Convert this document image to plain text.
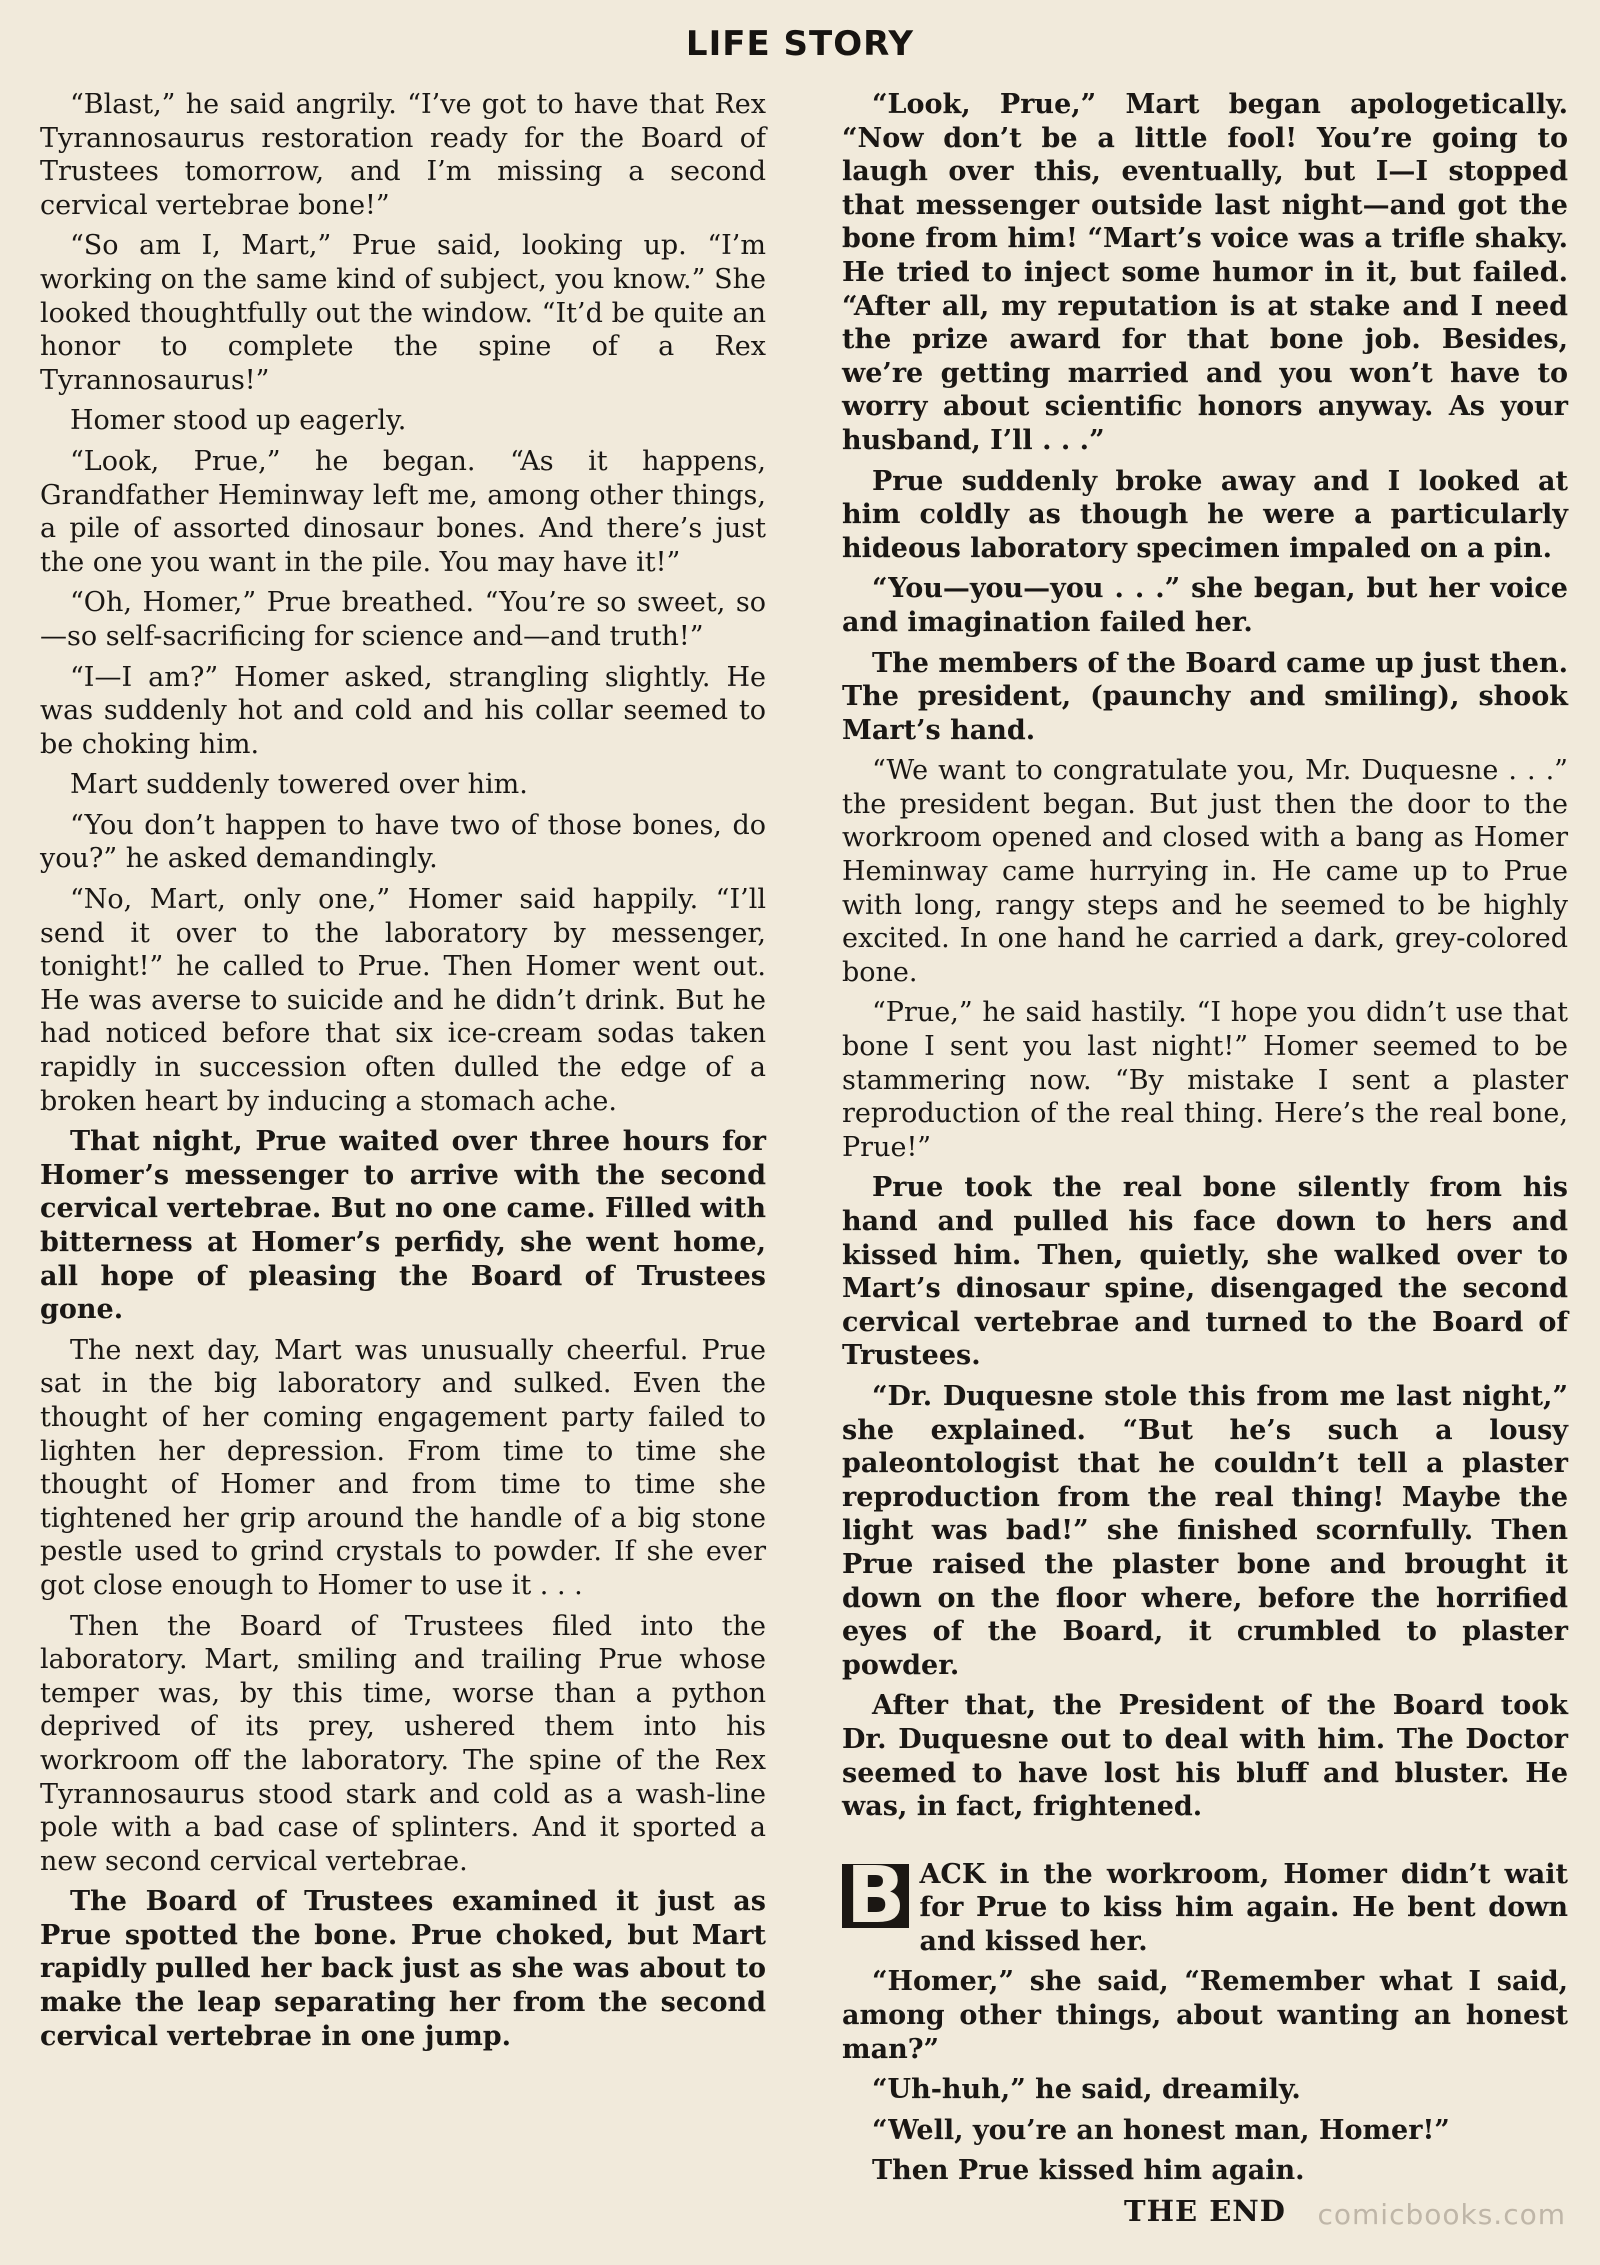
LIFE STORY

“Blast,” he said angrily. “I’ve got to have that Rex Tyrannosaurus restoration ready for the Board of Trustees tomorrow, and I’m missing a second cervical vertebrae bone!”

“So am I, Mart,” Prue said, looking up. “I’m working on the same kind of subject, you know.” She looked thoughtfully out the window. “It’d be quite an honor to complete the spine of a Rex Tyrannosaurus!”

Homer stood up eagerly.

“Look, Prue,” he began. “As it happens, Grandfather Heminway left me, among other things, a pile of assorted dinosaur bones. And there’s just the one you want in the pile. You may have it!”

“Oh, Homer,” Prue breathed. “You’re so sweet, so—so self-sacrificing for science and—and truth!”

“I—I am?” Homer asked, strangling slightly. He was suddenly hot and cold and his collar seemed to be choking him.

Mart suddenly towered over him.

“You don’t happen to have two of those bones, do you?” he asked demandingly.

“No, Mart, only one,” Homer said happily. “I’ll send it over to the laboratory by messenger, tonight!” he called to Prue. Then Homer went out. He was averse to suicide and he didn’t drink. But he had noticed before that six ice-cream sodas taken rapidly in succession often dulled the edge of a broken heart by inducing a stomach ache.

That night, Prue waited over three hours for Homer’s messenger to arrive with the second cervical vertebrae. But no one came. Filled with bitterness at Homer’s perfidy, she went home, all hope of pleasing the Board of Trustees gone.

The next day, Mart was unusually cheerful. Prue sat in the big laboratory and sulked. Even the thought of her coming engagement party failed to lighten her depression. From time to time she thought of Homer and from time to time she tightened her grip around the handle of a big stone pestle used to grind crystals to powder. If she ever got close enough to Homer to use it . . .

Then the Board of Trustees filed into the laboratory. Mart, smiling and trailing Prue whose temper was, by this time, worse than a python deprived of its prey, ushered them into his workroom off the laboratory. The spine of the Rex Tyrannosaurus stood stark and cold as a wash-line pole with a bad case of splinters. And it sported a new second cervical vertebrae.

The Board of Trustees examined it just as Prue spotted the bone. Prue choked, but Mart rapidly pulled her back just as she was about to make the leap separating her from the second cervical vertebrae in one jump.

“Look, Prue,” Mart began apologetically. “Now don’t be a little fool! You’re going to laugh over this, eventually, but I—I stopped that messenger outside last night—and got the bone from him! “Mart’s voice was a trifle shaky. He tried to inject some humor in it, but failed. “After all, my reputation is at stake and I need the prize award for that bone job. Besides, we’re getting married and you won’t have to worry about scientific honors anyway. As your husband, I’ll . . .”

Prue suddenly broke away and I looked at him coldly as though he were a particularly hideous laboratory specimen impaled on a pin.

“You—you—you . . .” she began, but her voice and imagination failed her.

The members of the Board came up just then. The president, (paunchy and smiling), shook Mart’s hand.

“We want to congratulate you, Mr. Duquesne . . .” the president began. But just then the door to the workroom opened and closed with a bang as Homer Heminway came hurrying in. He came up to Prue with long, rangy steps and he seemed to be highly excited. In one hand he carried a dark, grey-colored bone.

“Prue,” he said hastily. “I hope you didn’t use that bone I sent you last night!” Homer seemed to be stammering now. “By mistake I sent a plaster reproduction of the real thing. Here’s the real bone, Prue!”

Prue took the real bone silently from his hand and pulled his face down to hers and kissed him. Then, quietly, she walked over to Mart’s dinosaur spine, disengaged the second cervical vertebrae and turned to the Board of Trustees.

“Dr. Duquesne stole this from me last night,” she explained. “But he’s such a lousy paleontologist that he couldn’t tell a plaster reproduction from the real thing! Maybe the light was bad!” she finished scornfully. Then Prue raised the plaster bone and brought it down on the floor where, before the horrified eyes of the Board, it crumbled to plaster powder.

After that, the President of the Board took Dr. Duquesne out to deal with him. The Doctor seemed to have lost his bluff and bluster. He was, in fact, frightened.

B ACK in the workroom, Homer didn’t wait for Prue to kiss him again. He bent down and kissed her.

“Homer,” she said, “Remember what I said, among other things, about wanting an honest man?”

“Uh-huh,” he said, dreamily.

“Well, you’re an honest man, Homer!”

Then Prue kissed him again.

THE END	comicbooks.com
